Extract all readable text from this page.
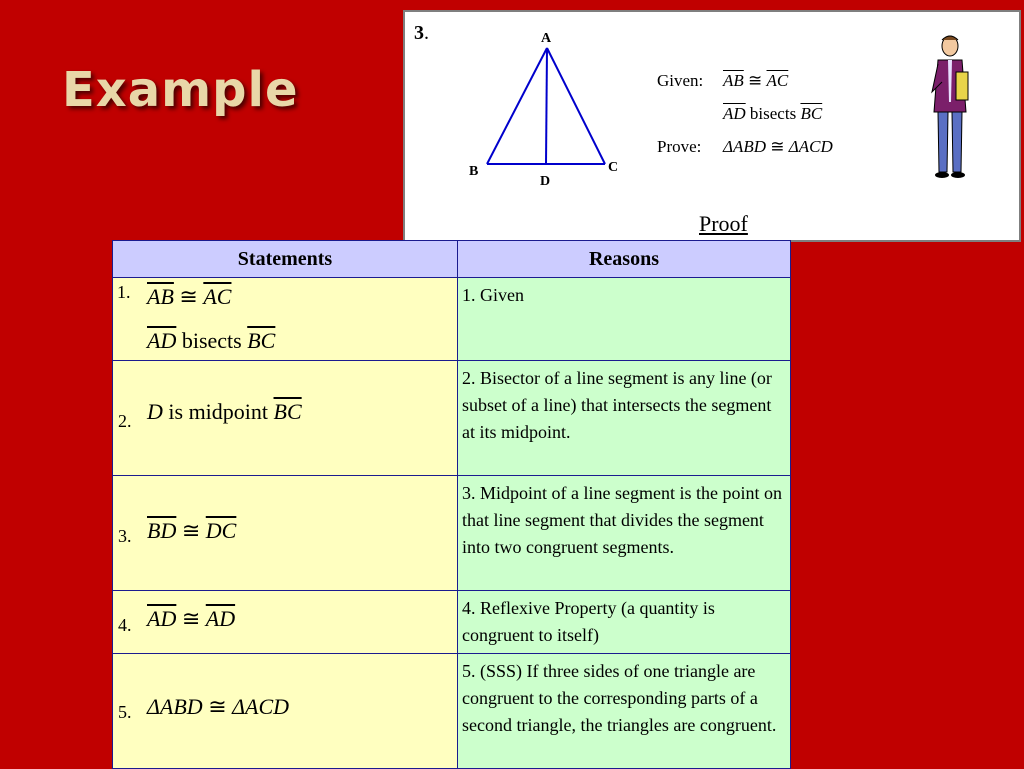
Example
3.	A
B	C
D
Given: $\overline{AB}$ ≅ $\overline{AC}$
$\overline{AD}$ bisects $\overline{BC}$
Prove: ΔABD ≅ ΔACD
Proof
Statements	Reasons
1. $\overline{AB}$ ≅ $\overline{AC}$
$\overline{AD}$ bisects $\overline{BC}$	1. Given

2. D is midpoint $\overline{BC}$	2. Bisector of a line segment is any line (or subset of a line) that intersects the segment at its midpoint.

3. $\overline{BD}$ ≅ $\overline{DC}$	3. Midpoint of a line segment is the point on that line segment that divides the segment into two congruent segments.

4. $\overline{AD}$ ≅ $\overline{AD}$	4. Reflexive Property (a quantity is congruent to itself)

5. ΔABD ≅ ΔACD	5. (SSS) If three sides of one triangle are congruent to the corresponding parts of a second triangle, the triangles are congruent.
